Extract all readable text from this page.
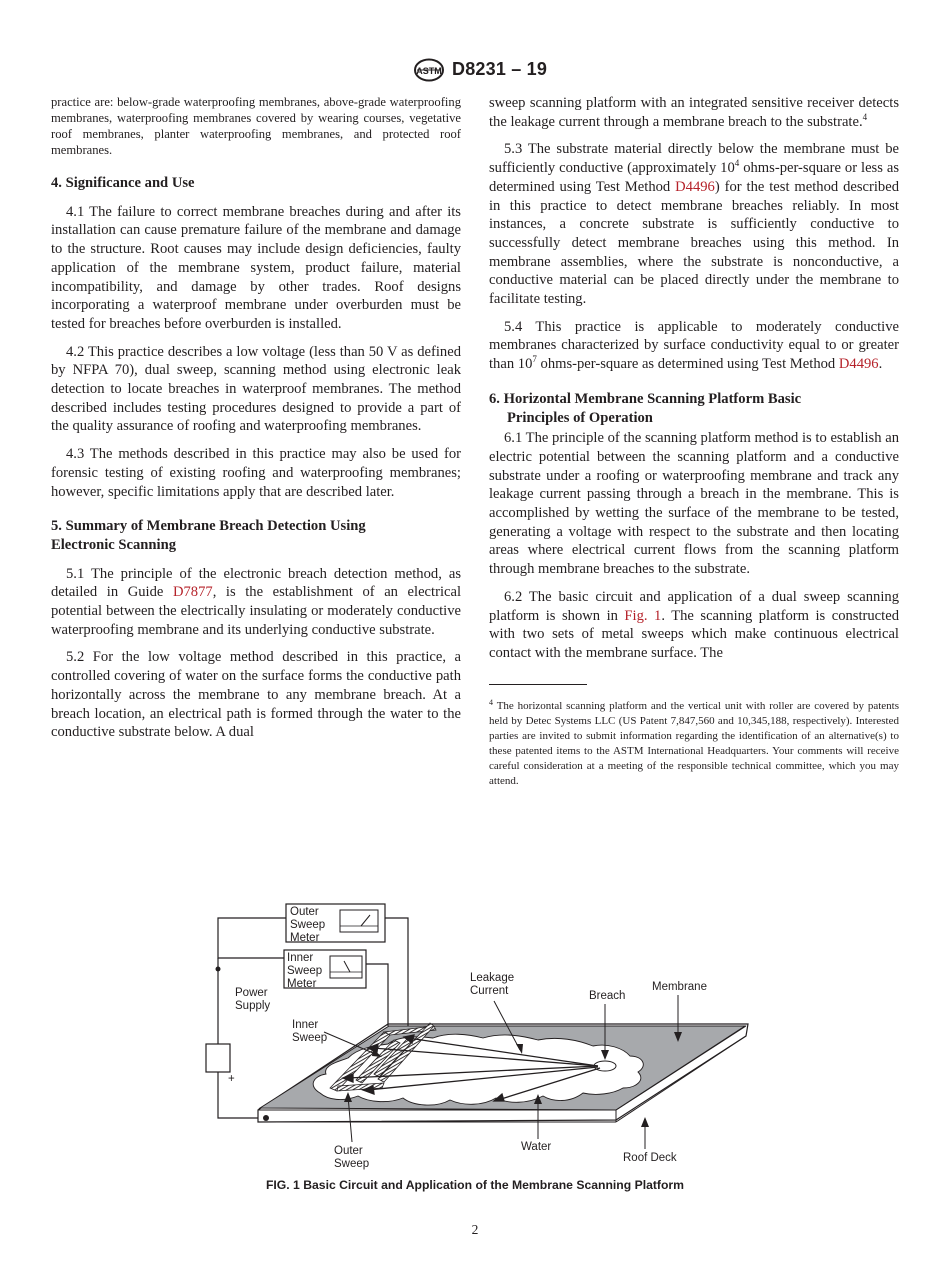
ASTM D8231 – 19

practice are: below-grade waterproofing membranes, above-grade waterproofing membranes, waterproofing membranes covered by wearing courses, vegetative roof membranes, planter waterproofing membranes, and protected roof membranes.

4. Significance and Use

4.1 The failure to correct membrane breaches during and after its installation can cause premature failure of the membrane and damage to the structure. Root causes may include design deficiencies, faulty application of the membrane system, product failure, material incompatibility, and damage by other trades. Roof designs incorporating a waterproof membrane under overburden must be tested for breaches before overburden is installed.

4.2 This practice describes a low voltage (less than 50 V as defined by NFPA 70), dual sweep, scanning method using electronic leak detection to locate breaches in waterproof membranes. The method described includes testing procedures designed to provide a part of the quality assurance of roofing and waterproofing membranes.

4.3 The methods described in this practice may also be used for forensic testing of existing roofing and waterproofing membranes; however, specific limitations apply that are described later.

5. Summary of Membrane Breach Detection Using
Electronic Scanning

5.1 The principle of the electronic breach detection method, as detailed in Guide D7877, is the establishment of an electrical potential between the electrically insulating or moderately conductive waterproofing membrane and its underlying conductive substrate.

5.2 For the low voltage method described in this practice, a controlled covering of water on the surface forms the conductive path horizontally across the membrane to any membrane breach. At a breach location, an electrical path is formed through the water to the conductive substrate below. A dual

sweep scanning platform with an integrated sensitive receiver detects the leakage current through a membrane breach to the substrate.$^4$

5.3 The substrate material directly below the membrane must be sufficiently conductive (approximately $10^4$ ohms-per-square or less as determined using Test Method D4496) for the test method described in this practice to detect membrane breaches reliably. In most instances, a concrete substrate is sufficiently conductive to successfully detect membrane breaches using this method. In membrane assemblies, where the substrate is nonconductive, a conductive material can be placed directly under the membrane to facilitate testing.

5.4 This practice is applicable to moderately conductive membranes characterized by surface conductivity equal to or greater than $10^7$ ohms-per-square as determined using Test Method D4496.

6. Horizontal Membrane Scanning Platform Basic
Principles of Operation

6.1 The principle of the scanning platform method is to establish an electric potential between the scanning platform and a conductive substrate under a roofing or waterproofing membrane and track any leakage current passing through a breach in the membrane. This is accomplished by wetting the surface of the membrane to be tested, generating a voltage with respect to the substrate and then locating areas where electrical current flows from the scanning platform through membrane breaches to the substrate.

6.2 The basic circuit and application of a dual sweep scanning platform is shown in Fig. 1. The scanning platform is constructed with two sets of metal sweeps which make continuous electrical contact with the membrane surface. The

$^4$ The horizontal scanning platform and the vertical unit with roller are covered by patents held by Detec Systems LLC (US Patent 7,847,560 and 10,345,188, respectively). Interested parties are invited to submit information regarding the identification of an alternative(s) to these patented items to the ASTM International Headquarters. Your comments will receive careful consideration at a meeting of the responsible technical committee, which you may attend.

+
Outer Sweep Meter
Inner Sweep Meter
Power Supply
Inner Sweep
Leakage Current	Breach
Membrane
Outer Sweep
Water
Roof Deck
FIG. 1 Basic Circuit and Application of the Membrane Scanning Platform
2
